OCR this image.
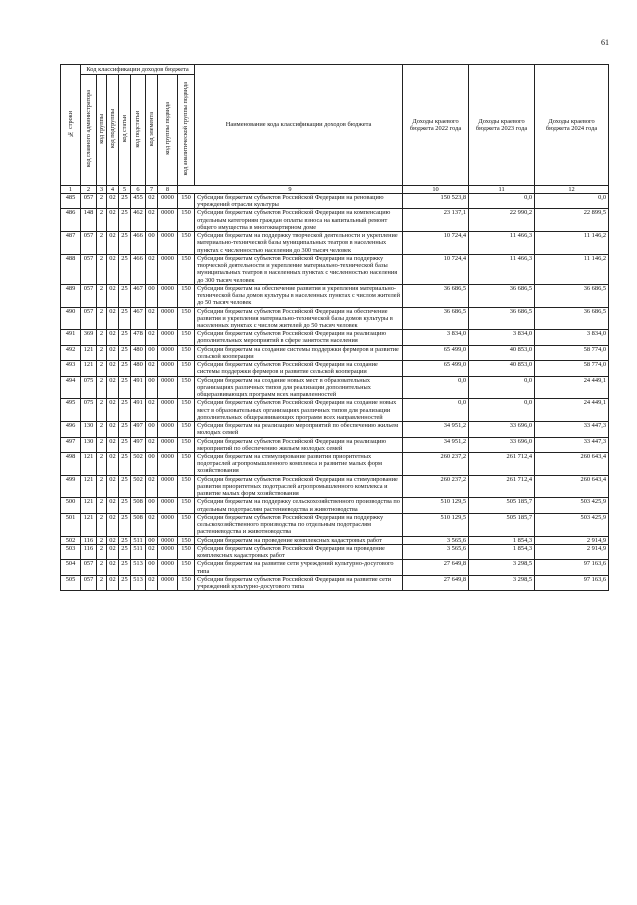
61
№ строки	Код классификации доходов бюджета								Наименование кода классификации доходов бюджета	Доходы краевого бюджета 2022 года	Доходы краевого бюджета 2023 года	Доходы краевого бюджета 2024 года
	код главного администратора	код группы	код подгруппы	код статьи	код подстатьи	код элемента	код группы подвида	код аналитической группы подвида				
1	2	3	4	5	6	7	8	9		10	11	12
485	057	2	02	25	455	02	0000	150	Субсидии бюджетам субъектов Российской Федерации на реновацию учреждений отрасли культуры	150 523,8	0,0	0,0
486	148	2	02	25	462	02	0000	150	Субсидии бюджетам субъектов Российской Федерации на компенсацию отдельным категориям граждан оплаты взноса на капитальный ремонт общего имущества в многоквартирном доме	23 137,1	22 990,2	22 899,5
487	057	2	02	25	466	00	0000	150	Субсидии бюджетам на поддержку творческой деятельности и укрепление материально-технической базы муниципальных театров в населенных пунктах с численностью населения до 300 тысяч человек	10 724,4	11 466,3	11 146,2
488	057	2	02	25	466	02	0000	150	Субсидии бюджетам субъектов Российской Федерации на поддержку творческой деятельности и укрепление материально-технической базы муниципальных театров в населенных пунктах с численностью населения до 300 тысяч человек	10 724,4	11 466,3	11 146,2
489	057	2	02	25	467	00	0000	150	Субсидии бюджетам на обеспечение развития и укрепления материально-технической базы домов культуры в населенных пунктах с числом жителей до 50 тысяч человек	36 686,5	36 686,5	36 686,5
490	057	2	02	25	467	02	0000	150	Субсидии бюджетам субъектов Российской Федерации на обеспечение развития и укрепления материально-технической базы домов культуры в населенных пунктах с числом жителей до 50 тысяч человек	36 686,5	36 686,5	36 686,5
491	369	2	02	25	478	02	0000	150	Субсидии бюджетам субъектов Российской Федерации на реализацию дополнительных мероприятий в сфере занятости населения	3 834,0	3 834,0	3 834,0
492	121	2	02	25	480	00	0000	150	Субсидии бюджетам на создание системы поддержки фермеров и развитие сельской кооперации	65 499,0	40 853,0	58 774,0
493	121	2	02	25	480	02	0000	150	Субсидии бюджетам субъектов Российской Федерации на создание системы поддержки фермеров и развитие сельской кооперации	65 499,0	40 853,0	58 774,0
494	075	2	02	25	491	00	0000	150	Субсидии бюджетам на создание новых мест в образовательных организациях различных типов для реализации дополнительных общеразвивающих программ всех направленностей	0,0	0,0	24 449,1
495	075	2	02	25	491	02	0000	150	Субсидии бюджетам субъектов Российской Федерации на создание новых мест в образовательных организациях различных типов для реализации дополнительных общеразвивающих программ всех направленностей	0,0	0,0	24 449,1
496	130	2	02	25	497	00	0000	150	Субсидии бюджетам на реализацию мероприятий по обеспечению жильем молодых семей	34 951,2	33 696,0	33 447,3
497	130	2	02	25	497	02	0000	150	Субсидии бюджетам субъектов Российской Федерации на реализацию мероприятий по обеспечению жильем молодых семей	34 951,2	33 696,0	33 447,3
498	121	2	02	25	502	00	0000	150	Субсидии бюджетам на стимулирование развития приоритетных подотраслей агропромышленного комплекса и развитие малых форм хозяйствования	260 237,2	261 712,4	260 643,4
499	121	2	02	25	502	02	0000	150	Субсидии бюджетам субъектов Российской Федерации на стимулирование развития приоритетных подотраслей агропромышленного комплекса и развитие малых форм хозяйствования	260 237,2	261 712,4	260 643,4
500	121	2	02	25	508	00	0000	150	Субсидии бюджетам на поддержку сельскохозяйственного производства по отдельным подотраслям растениеводства и животноводства	510 129,5	505 185,7	503 425,9
501	121	2	02	25	508	02	0000	150	Субсидии бюджетам субъектов Российской Федерации на поддержку сельскохозяйственного производства по отдельным подотраслям растениеводства и животноводства	510 129,5	505 185,7	503 425,9
502	116	2	02	25	511	00	0000	150	Субсидии бюджетам на проведение комплексных кадастровых работ	3 565,6	1 854,3	2 914,9
503	116	2	02	25	511	02	0000	150	Субсидии бюджетам субъектов Российской Федерации на проведение комплексных кадастровых работ	3 565,6	1 854,3	2 914,9
504	057	2	02	25	513	00	0000	150	Субсидии бюджетам на развитие сети учреждений культурно-досугового типа	27 649,8	3 298,5	97 163,6
505	057	2	02	25	513	02	0000	150	Субсидии бюджетам субъектов Российской Федерации на развитие сети учреждений культурно-досугового типа	27 649,8	3 298,5	97 163,6
